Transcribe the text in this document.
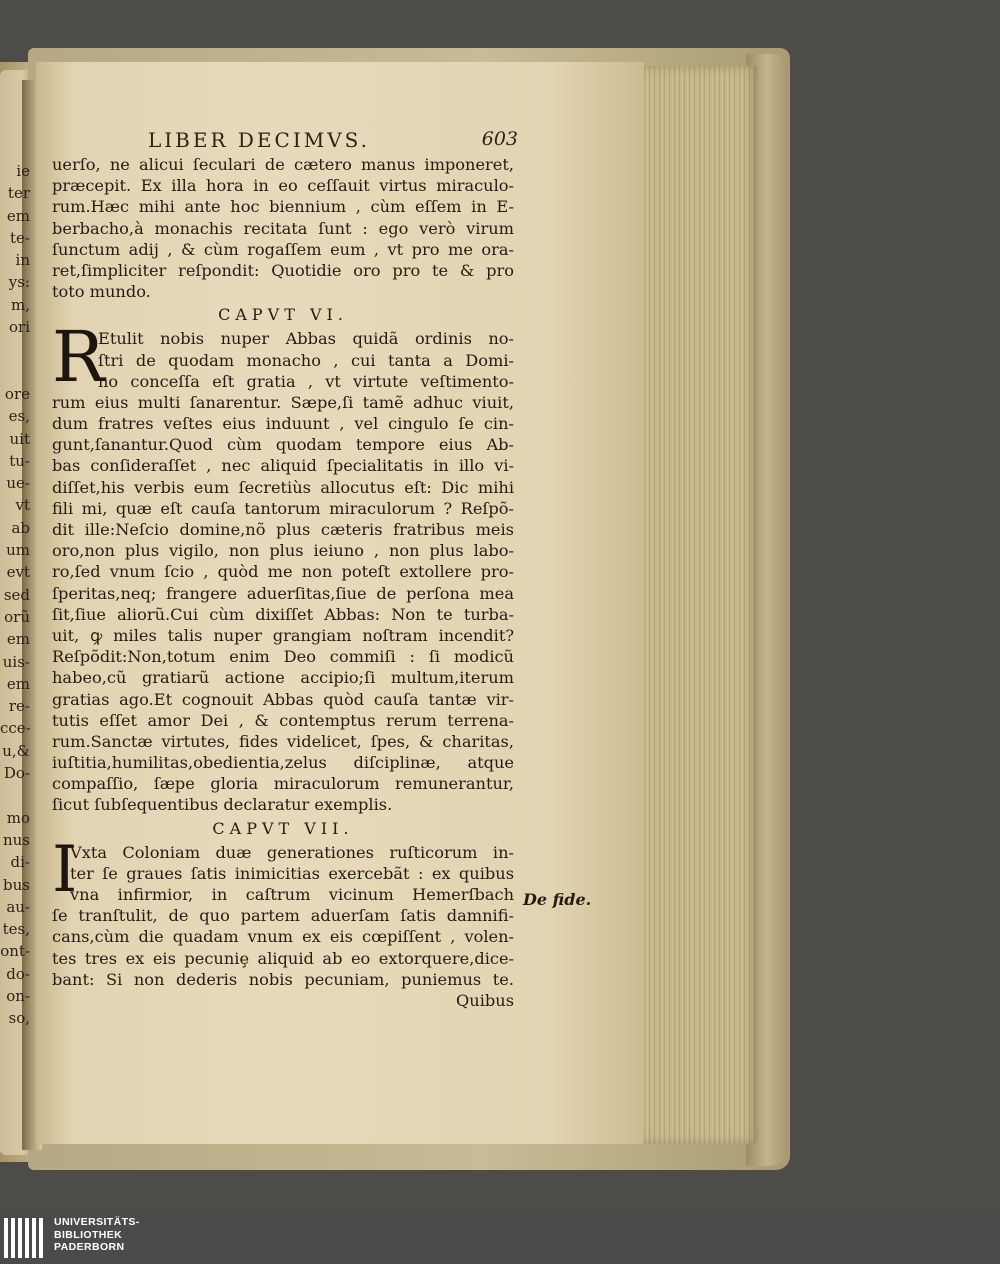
ie
ter
em
te-
in
ys:
m,
ori
ore
es,
uit
tu-
ue-
vt
ab
um
evt
sed
orũ
em
uis-
em
re-
cce-
u,&
Do-
mo
nus
di-
bus
au-
tes,
ont-
do-
on-
so,
LIBER DECIMVS.	603
uerſo, ne alicui ſeculari de cætero manus imponeret,
præcepit. Ex illa hora in eo ceſſauit virtus miraculo-
rum.Hæc mihi ante hoc biennium , cùm eſſem in E-
berbacho,à monachis recitata ſunt : ego verò virum
ſunctum adij , & cùm rogaſſem eum , vt pro me ora-
ret,ſimpliciter reſpondit: Quotidie oro pro te & pro
toto mundo.
CAPVT VI.
R
Etulit nobis nuper Abbas quidã ordinis no-
ſtri de quodam monacho , cui tanta a Domi-
no conceſſa eſt gratia , vt virtute veſtimento-
rum eius multi ſanarentur. Sæpe,ſi tamẽ adhuc viuit,
dum fratres veſtes eius induunt , vel cingulo ſe cin-
gunt,ſanantur.Quod cùm quodam tempore eius Ab-
bas conſideraſſet , nec aliquid ſpecialitatis in illo vi-
diſſet,his verbis eum ſecretiùs allocutus eſt: Dic mihi
fili mi, quæ eſt cauſa tantorum miraculorum ? Reſpõ-
dit ille:Neſcio domine,nõ plus cæteris fratribus meis
oro,non plus vigilo, non plus ieiuno , non plus labo-
ro,ſed vnum ſcio , quòd me non poteſt extollere pro-
ſperitas,neq; frangere aduerſitas,ſiue de perſona mea
ſit,ſiue aliorũ.Cui cùm dixiſſet Abbas: Non te turba-
uit, ꝙ miles talis nuper grangiam noſtram incendit?
Reſpõdit:Non,totum enim Deo commiſi : ſi modicũ
habeo,cũ gratiarũ actione accipio;ſi multum,iterum
gratias ago.Et cognouit Abbas quòd cauſa tantæ vir-
tutis eſſet amor Dei , & contemptus rerum terrena-
rum.Sanctæ virtutes, fides videlicet, ſpes, & charitas,
iuſtitia,humilitas,obedientia,zelus diſciplinæ, atque
compaſſio, ſæpe gloria miraculorum remunerantur,
ſicut ſubſequentibus declaratur exemplis.
CAPVT VII.
I
Vxta Coloniam duæ generationes ruſticorum in-
ter ſe graues ſatis inimicitias exercebãt : ex quibus
vna infirmior, in caſtrum vicinum Hemerſbach
ſe tranſtulit, de quo partem aduerſam ſatis damnifi-
cans,cùm die quadam vnum ex eis cœpiſſent , volen-
tes tres ex eis pecuniȩ aliquid ab eo extorquere,dice-
bant: Si non dederis nobis pecuniam, puniemus te.
Quibus
De fide.
UNIVERSITÄTS-
BIBLIOTHEK
PADERBORN
